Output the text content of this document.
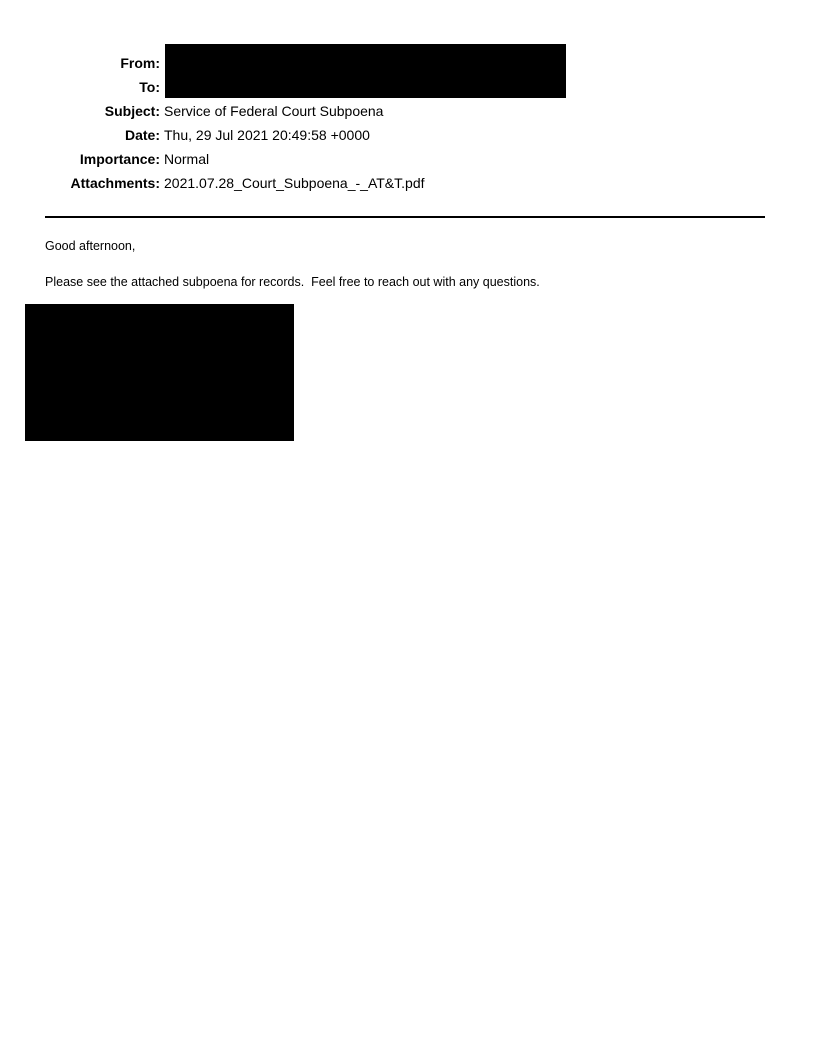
From:
To:
Subject: Service of Federal Court Subpoena
Date: Thu, 29 Jul 2021 20:49:58 +0000
Importance: Normal
Attachments: 2021.07.28_Court_Subpoena_-_AT&T.pdf
Good afternoon,
Please see the attached subpoena for records.  Feel free to reach out with any questions.
